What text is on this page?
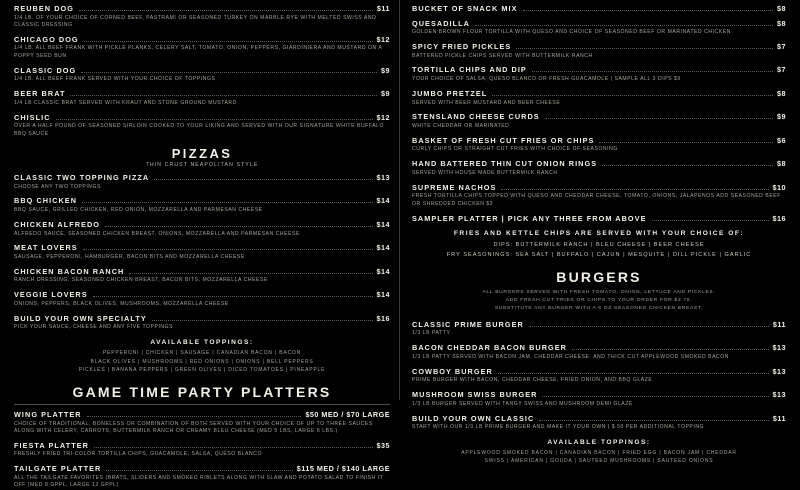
REUBEN DOG	$11
1/4 LB. OF YOUR CHOICE OF CORNED BEEF, PASTRAMI OR SEASONED TURKEY ON MARBLE RYE WITH MELTED SWISS AND CLASSIC DRESSING
CHICAGO DOG	$12
1/4 LB. ALL BEEF FRANK WITH PICKLE PLANKS, CELERY SALT, TOMATO, ONION, PEPPERS, GIARDINIERA AND MUSTARD ON A POPPY SEED BUN
CLASSIC DOG	$9
1/4 LB. ALL BEEF FRANK SERVED WITH YOUR CHOICE OF TOPPINGS
BEER BRAT	$9
1/4 LB CLASSIC BRAT SERVED WITH KRAUT AND STONE GROUND MUSTARD
CHISLIC	$12
OVER A HALF POUND OF SEASONED SIRLOIN COOKED TO YOUR LIKING AND SERVED WITH OUR SIGNATURE WHITE BUFFALO BBQ SAUCE
PIZZAS
THIN CRUST NEAPOLITAN STYLE
CLASSIC TWO TOPPING PIZZA	$13
CHOOSE ANY TWO TOPPINGS
BBQ CHICKEN	$14
BBQ SAUCE, GRILLED CHICKEN, RED ONION, MOZZARELLA AND PARMESAN CHEESE
CHICKEN ALFREDO	$14
ALFREDO SAUCE, SEASONED CHICKEN BREAST, ONIONS, MOZZARELLA AND PARMESAN CHEESE
MEAT LOVERS	$14
SAUSAGE, PEPPERONI, HAMBURGER, BACON BITS AND MOZZARELLA CHEESE
CHICKEN BACON RANCH	$14
RANCH DRESSING, SEASONED CHICKEN BREAST, BACON BITS, MOZZARELLA CHEESE
VEGGIE LOVERS	$14
ONIONS, PEPPERS, BLACK OLIVES, MUSHROOMS, MOZZARELLA CHEESE
BUILD YOUR OWN SPECIALTY	$16
PICK YOUR SAUCE, CHEESE AND ANY FIVE TOPPINGS
AVAILABLE TOPPINGS:
PEPPERONI | CHICKEN | SAUSAGE | CANADIAN BACON | BACON
BLACK OLIVES | MUSHROOMS | RED ONIONS | ONIONS | BELL PEPPERS
PICKLES | BANANA PEPPERS | GREEN OLIVES | DICED TOMATOES | PINEAPPLE
GAME TIME PARTY PLATTERS
WING PLATTER	$50 MED / $70 LARGE
CHOICE OF TRADITIONAL, BONELESS OR COMBINATION OF BOTH SERVED WITH YOUR CHOICE OF UP TO THREE SAUCES ALONG WITH CELERY, CARROTS, BUTTERMILK RANCH OR CREAMY BLEU CHEESE (MED 5 LBS, LARGE 8 LBS.)
FIESTA PLATTER	$35
FRESHLY FRIED TRI-COLOR TORTILLA CHIPS, GUACAMOLE, SALSA, QUESO BLANCO
TAILGATE PLATTER	$115 MED / $140 LARGE
ALL THE TAILGATE FAVORITES (BRATS, SLIDERS AND SMOKED RIBLETS ALONG WITH SLAW AND POTATO SALAD TO FINISH IT OFF (MED 8 GPPL, LARGE 12 GPPL)
BUCKET OF SNACK MIX	$8
QUESADILLA	$8
GOLDEN BROWN FLOUR TORTILLA WITH QUESO AND CHOICE OF SEASONED BEEF OR MARINATED CHICKEN
SPICY FRIED PICKLES	$7
BATTERED PICKLE CHIPS SERVED WITH BUTTERMILK RANCH
TORTILLA CHIPS AND DIP	$7
YOUR CHOICE OF SALSA, QUESO BLANCO OR FRESH GUACAMOLE | SAMPLE ALL 3 DIPS $9
JUMBO PRETZEL	$8
SERVED WITH BEER MUSTARD AND BEER CHEESE
STENSLAND CHEESE CURDS	$9
WHITE CHEDDAR OR MARINATED
BASKET OF FRESH CUT FRIES OR CHIPS	$6
CURLY CHIPS OR STRAIGHT CUT FRIES WITH CHOICE OF SEASONING
HAND BATTERED THIN CUT ONION RINGS	$8
SERVED WITH HOUSE MADE BUTTERMILK RANCH
SUPREME NACHOS	$10
FRESH TORTILLA CHIPS TOPPED WITH QUESO AND CHEDDAR CHEESE, TOMATO, ONIONS, JALAPENOS ADD SEASONED BEEF OR SHREDDED CHICKEN $3
SAMPLER PLATTER | PICK ANY THREE FROM ABOVE	$16
FRIES AND KETTLE CHIPS ARE SERVED WITH YOUR CHOICE OF:
DIPS: BUTTERMILK RANCH | BLEU CHEESE | BEER CHEESE
FRY SEASONINGS: SEA SALT | BUFFALO | CAJUN | MESQUITE | DILL PICKLE | GARLIC
BURGERS
ALL BURGERS SERVED WITH FRESH TOMATO, ONION, LETTUCE AND PICKLES.
ADD FRESH CUT FRIES OR CHIPS TO YOUR ORDER FOR $3.75.
SUBSTITUTE ANY BURGER WITH A 6 OZ SEASONED CHICKEN BREAST.
CLASSIC PRIME BURGER	$11
1/3 LB PATTY
BACON CHEDDAR BACON BURGER	$13
1/3 LB PATTY SERVED WITH BACON JAM, CHEDDAR CHEESE, AND THICK CUT APPLEWOOD SMOKED BACON
COWBOY BURGER	$13
PRIME BURGER WITH BACON, CHEDDAR CHEESE, FRIED ONION, AND BBQ GLAZE
MUSHROOM SWISS BURGER	$13
1/3 LB BURGER SERVED WITH TANGY SWISS AND MUSHROOM DEMI GLAZE
BUILD YOUR OWN CLASSIC	$11
START WITH OUR 1/3 LB PRIME BURGER AND MAKE IT YOUR OWN | $.50 PER ADDITIONAL TOPPING
AVAILABLE TOPPINGS:
APPLEWOOD SMOKED BACON | CANADIAN BACON | FRIED EGG | BACON JAM | CHEDDAR
SWISS | AMERICAN | GOUDA | SAUTEED MUSHROOMS | SAUTEED ONIONS
